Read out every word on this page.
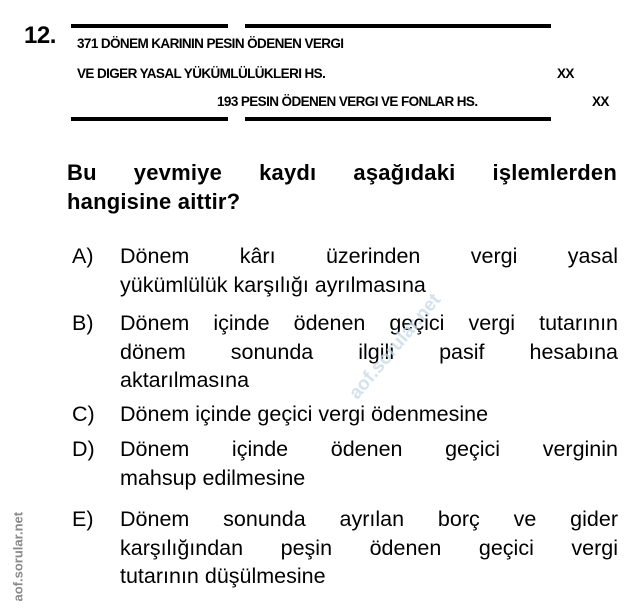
12. 371 DÖNEM KARININ PESIN ÖDENEN VERGI
VE DIGER YASAL YÜKÜMLÜLÜKLERI HS.	XX
193 PESIN ÖDENEN VERGI VE FONLAR HS.	XX
Bu yevmiye kaydı aşağıdaki işlemlerden
hangisine aittir?
A) Dönem kârı üzerinden vergi yasal
yükümlülük karşılığı ayrılmasına
B) Dönem içinde ödenen geçici vergi tutarının
dönem sonunda ilgili pasif hesabına
aktarılmasına
C) Dönem içinde geçici vergi ödenmesine
D) Dönem içinde ödenen geçici verginin
mahsup edilmesine
E) Dönem sonunda ayrılan borç ve gider
karşılığından peşin ödenen geçici vergi
tutarının düşülmesine
aof.sorular.net
aof.sorular.net
